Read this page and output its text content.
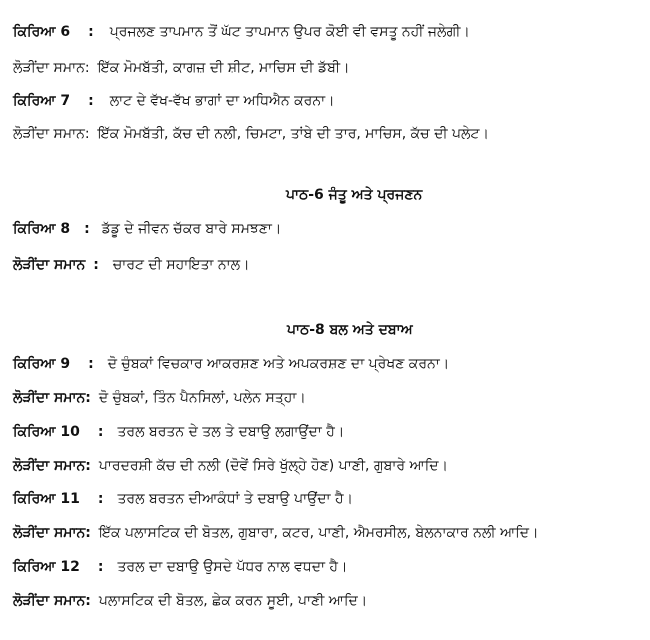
ਕਿਰਿਆ 6 : ਪ੍ਰਜਲਣ ਤਾਪਮਾਨ ਤੋਂ ਘੱਟ ਤਾਪਮਾਨ ਉਪਰ ਕੋਈ ਵੀ ਵਸਤੂ ਨਹੀਂ ਜਲੇਗੀ।
ਲੋੜੀਂਦਾ ਸਮਾਨ: ਇੱਕ ਮੋਮਬੱਤੀ, ਕਾਗਜ਼ ਦੀ ਸ਼ੀਟ, ਮਾਚਿਸ ਦੀ ਡੱਬੀ।
ਕਿਰਿਆ 7 : ਲਾਟ ਦੇ ਵੱਖ-ਵੱਖ ਭਾਗਾਂ ਦਾ ਅਧਿਐਨ ਕਰਨਾ।
ਲੋੜੀਂਦਾ ਸਮਾਨ: ਇੱਕ ਮੋਮਬੱਤੀ, ਕੱਚ ਦੀ ਨਲੀ, ਚਿਮਟਾ, ਤਾਂਬੇ ਦੀ ਤਾਰ, ਮਾਚਿਸ, ਕੱਚ ਦੀ ਪਲੇਟ।
ਪਾਠ-6 ਜੰਤੂ ਅਤੇ ਪ੍ਰਜਣਨ
ਕਿਰਿਆ 8 : ਡੱਡੂ ਦੇ ਜੀਵਨ ਚੱਕਰ ਬਾਰੇ ਸਮਝਣਾ।
ਲੋੜੀਂਦਾ ਸਮਾਨ : ਚਾਰਟ ਦੀ ਸਹਾਇਤਾ ਨਾਲ।
ਪਾਠ-8 ਬਲ ਅਤੇ ਦਬਾਅ
ਕਿਰਿਆ 9 : ਦੋ ਚੁੰਬਕਾਂ ਵਿਚਕਾਰ ਆਕਰਸ਼ਣ ਅਤੇ ਅਪਕਰਸ਼ਣ ਦਾ ਪ੍ਰੇਖਣ ਕਰਨਾ।
ਲੋੜੀਂਦਾ ਸਮਾਨ: ਦੋ ਚੁੰਬਕਾਂ, ਤਿੰਨ ਪੈਨਸਿਲਾਂ, ਪਲੇਨ ਸਤ੍ਹਾ।
ਕਿਰਿਆ 10 : ਤਰਲ ਬਰਤਨ ਦੇ ਤਲ ਤੇ ਦਬਾਉ ਲਗਾਉਂਦਾ ਹੈ।
ਲੋੜੀਂਦਾ ਸਮਾਨ: ਪਾਰਦਰਸ਼ੀ ਕੱਚ ਦੀ ਨਲੀ (ਦੋਵੇਂ ਸਿਰੇ ਖੁੱਲ੍ਹੇ ਹੋਣ) ਪਾਣੀ, ਗੁਬਾਰੇ ਆਦਿ।
ਕਿਰਿਆ 11 : ਤਰਲ ਬਰਤਨ ਦੀਆਕੰਧਾਂ ਤੇ ਦਬਾਉ ਪਾਉਂਦਾ ਹੈ।
ਲੋੜੀਂਦਾ ਸਮਾਨ: ਇੱਕ ਪਲਾਸਟਿਕ ਦੀ ਬੋਤਲ, ਗੁਬਾਰਾ, ਕਟਰ, ਪਾਣੀ, ਐਮਰਸੀਲ, ਬੇਲਨਾਕਾਰ ਨਲੀ ਆਦਿ।
ਕਿਰਿਆ 12 : ਤਰਲ ਦਾ ਦਬਾਉ ਉਸਦੇ ਪੱਧਰ ਨਾਲ ਵਧਦਾ ਹੈ।
ਲੋੜੀਂਦਾ ਸਮਾਨ: ਪਲਾਸਟਿਕ ਦੀ ਬੋਤਲ, ਛੇਕ ਕਰਨ ਸੂਈ, ਪਾਣੀ ਆਦਿ।
